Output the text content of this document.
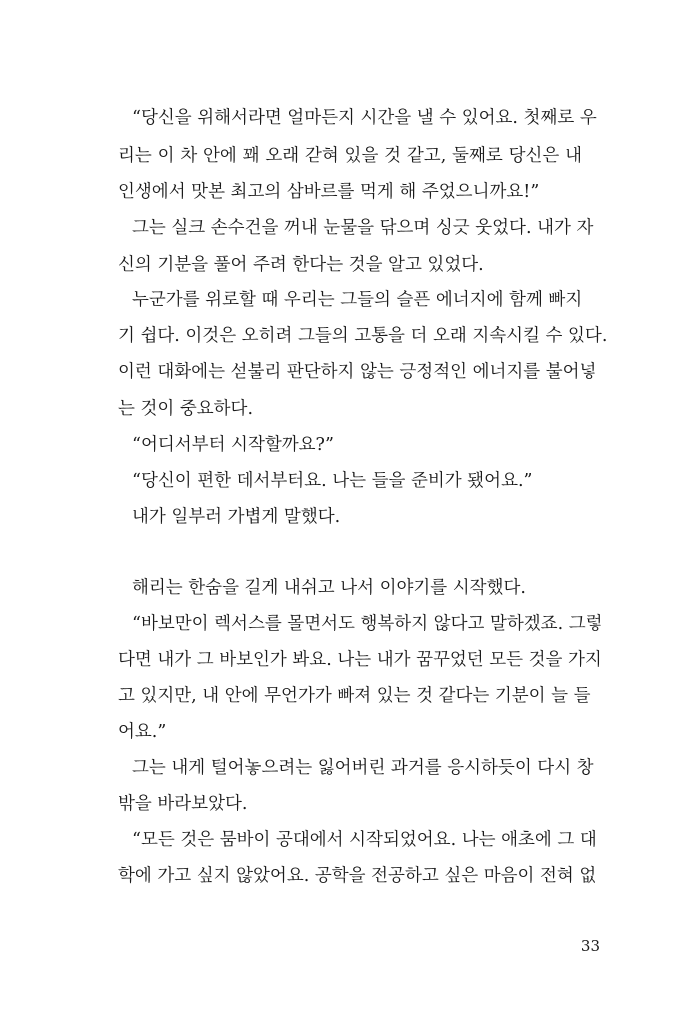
“당신을 위해서라면 얼마든지 시간을 낼 수 있어요. 첫째로 우
리는 이 차 안에 꽤 오래 갇혀 있을 것 같고, 둘째로 당신은 내
인생에서 맛본 최고의 삼바르를 먹게 해 주었으니까요!”
그는 실크 손수건을 꺼내 눈물을 닦으며 싱긋 웃었다. 내가 자
신의 기분을 풀어 주려 한다는 것을 알고 있었다.
누군가를 위로할 때 우리는 그들의 슬픈 에너지에 함께 빠지
기 쉽다. 이것은 오히려 그들의 고통을 더 오래 지속시킬 수 있다.
이런 대화에는 섣불리 판단하지 않는 긍정적인 에너지를 불어넣
는 것이 중요하다.
“어디서부터 시작할까요?”
“당신이 편한 데서부터요. 나는 들을 준비가 됐어요.”
내가 일부러 가볍게 말했다.
해리는 한숨을 길게 내쉬고 나서 이야기를 시작했다.
“바보만이 렉서스를 몰면서도 행복하지 않다고 말하겠죠. 그렇
다면 내가 그 바보인가 봐요. 나는 내가 꿈꾸었던 모든 것을 가지
고 있지만, 내 안에 무언가가 빠져 있는 것 같다는 기분이 늘 들
어요.”
그는 내게 털어놓으려는 잃어버린 과거를 응시하듯이 다시 창
밖을 바라보았다.
“모든 것은 뭄바이 공대에서 시작되었어요. 나는 애초에 그 대
학에 가고 싶지 않았어요. 공학을 전공하고 싶은 마음이 전혀 없
33
